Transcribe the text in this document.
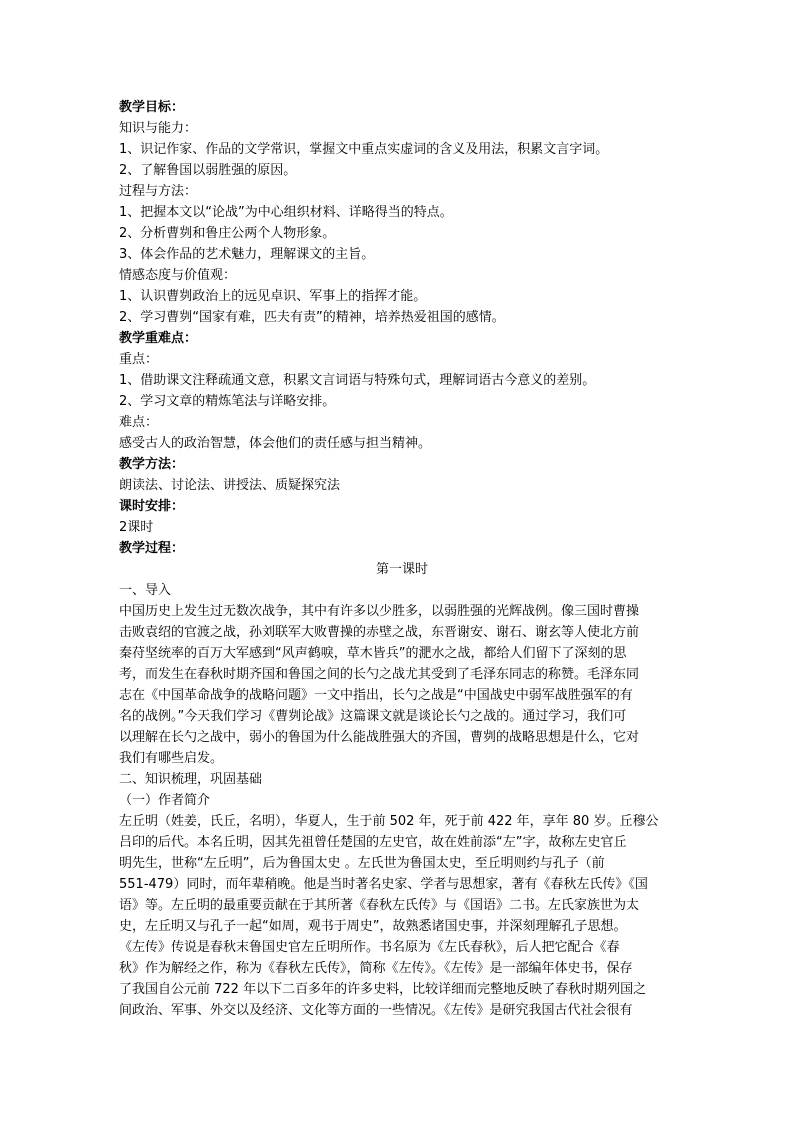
教学目标：
知识与能力：
1、识记作家、作品的文学常识，掌握文中重点实虚词的含义及用法，积累文言字词。
2、了解鲁国以弱胜强的原因。
过程与方法：
1、把握本文以“论战”为中心组织材料、详略得当的特点。
2、分析曹刿和鲁庄公两个人物形象。
3、体会作品的艺术魅力，理解课文的主旨。
情感态度与价值观：
1、认识曹刿政治上的远见卓识、军事上的指挥才能。
2、学习曹刿“国家有难，匹夫有责”的精神，培养热爱祖国的感情。
教学重难点：
重点：
1、借助课文注释疏通文意，积累文言词语与特殊句式，理解词语古今意义的差别。
2、学习文章的精炼笔法与详略安排。
难点：
感受古人的政治智慧，体会他们的责任感与担当精神。
教学方法：
朗读法、讨论法、讲授法、质疑探究法
课时安排：
2课时
教学过程：
第一课时
一、导入
中国历史上发生过无数次战争，其中有许多以少胜多，以弱胜强的光辉战例。像三国时曹操
击败袁绍的官渡之战，孙刘联军大败曹操的赤壁之战，东晋谢安、谢石、谢玄等人使北方前
秦苻坚统率的百万大军感到“风声鹤唳，草木皆兵”的淝水之战，都给人们留下了深刻的思
考，而发生在春秋时期齐国和鲁国之间的长勺之战尤其受到了毛泽东同志的称赞。毛泽东同
志在《中国革命战争的战略问题》一文中指出，长勺之战是“中国战史中弱军战胜强军的有
名的战例。”今天我们学习《曹刿论战》这篇课文就是谈论长勺之战的。通过学习，我们可
以理解在长勺之战中，弱小的鲁国为什么能战胜强大的齐国，曹刿的战略思想是什么，它对
我们有哪些启发。
二、知识梳理，巩固基础
（一）作者简介
左丘明（姓姜，氏丘，名明），华夏人，生于前 502 年，死于前 422 年，享年 80 岁。丘穆公
吕印的后代。本名丘明，因其先祖曾任楚国的左史官，故在姓前添“左”字，故称左史官丘
明先生，世称“左丘明”，后为鲁国太史 。左氏世为鲁国太史，至丘明则约与孔子（前
551-479）同时，而年辈稍晚。他是当时著名史家、学者与思想家，著有《春秋左氏传》《国
语》等。左丘明的最重要贡献在于其所著《春秋左氏传》与《国语》二书。左氏家族世为太
史，左丘明又与孔子一起“如周，观书于周史”，故熟悉诸国史事，并深刻理解孔子思想。
《左传》传说是春秋末鲁国史官左丘明所作。书名原为《左氏春秋》，后人把它配合《春
秋》作为解经之作，称为《春秋左氏传》，简称《左传》。《左传》是一部编年体史书，保存
了我国自公元前 722 年以下二百多年的许多史料，比较详细而完整地反映了春秋时期列国之
间政治、军事、外交以及经济、文化等方面的一些情况。《左传》是研究我国古代社会很有
